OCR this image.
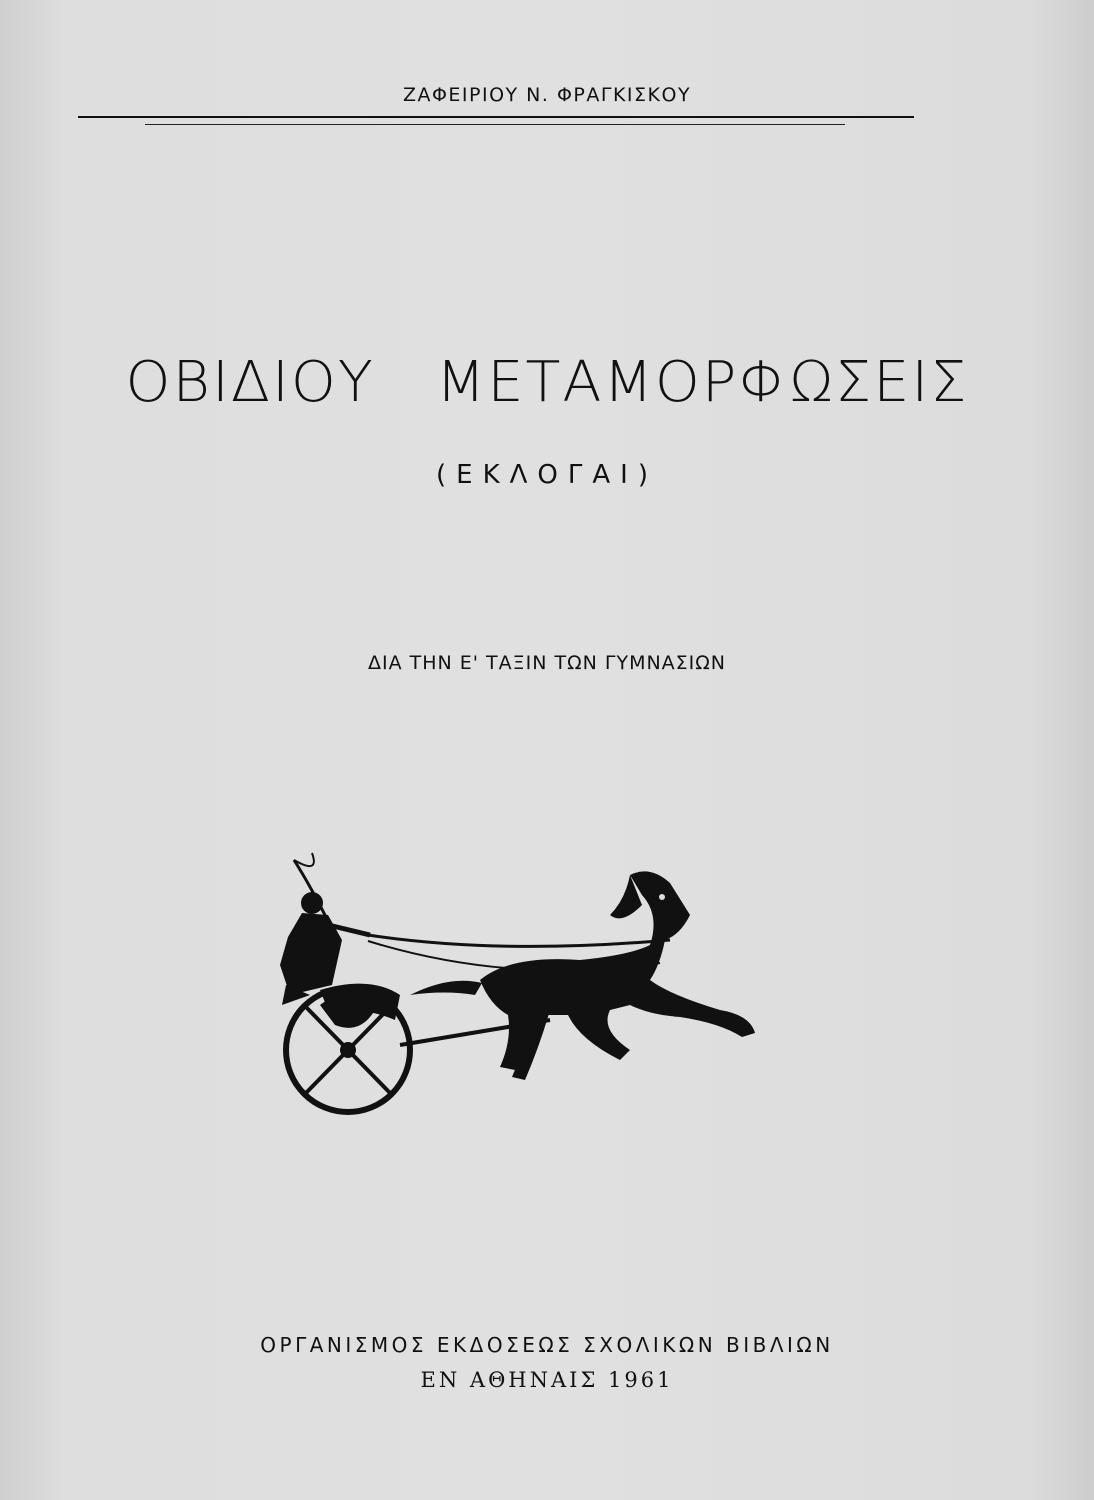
ΖΑΦΕΙΡΙΟΥ Ν. ΦΡΑΓΚΙΣΚΟΥ
ΟΒΙΔΙΟΥ ΜΕΤΑΜΟΡΦΩΣΕΙΣ
(ΕΚΛΟΓΑΙ)
ΔΙΑ ΤΗΝ Ε' ΤΑΞΙΝ ΤΩΝ ΓΥΜΝΑΣΙΩΝ
ΟΡΓΑΝΙΣΜΟΣ ΕΚΔΟΣΕΩΣ ΣΧΟΛΙΚΩΝ ΒΙΒΛΙΩΝ
ΕΝ ΑΘΗΝΑΙΣ 1961
